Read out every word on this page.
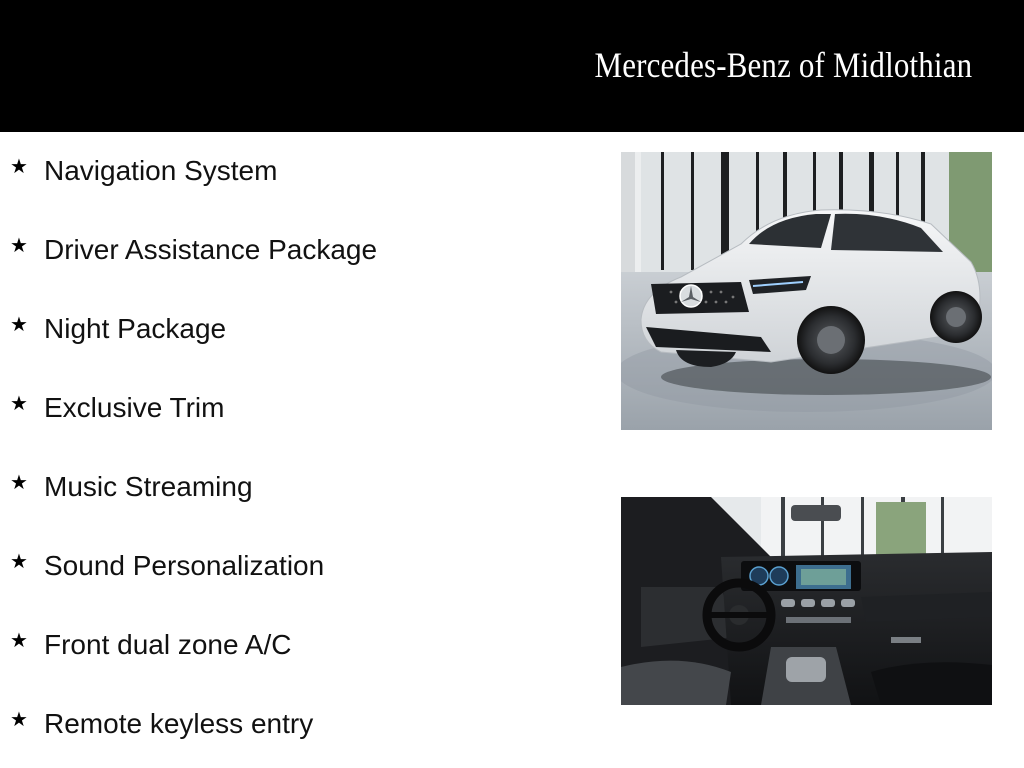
Mercedes-Benz of Midlothian
★ Navigation System
★ Driver Assistance Package
★ Night Package
★ Exclusive Trim
★ Music Streaming
★ Sound Personalization
★ Front dual zone A/C
★ Remote keyless entry
